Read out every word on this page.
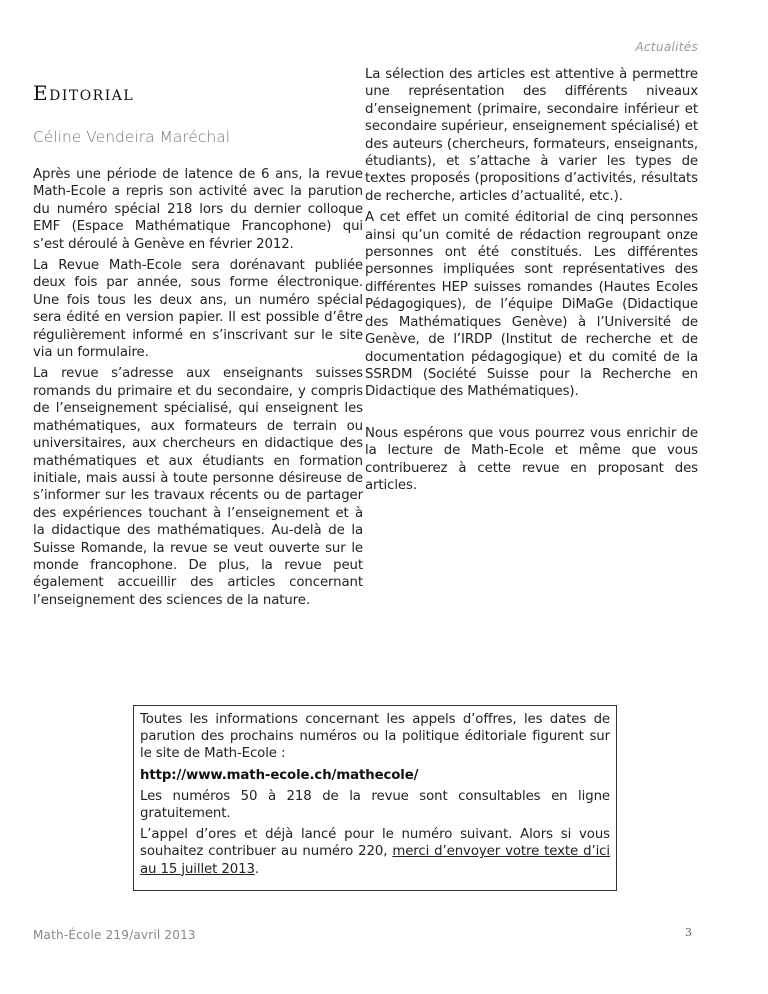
Actualités
Editorial
Céline Vendeira Maréchal

Après une période de latence de 6 ans, la revue Math-Ecole a repris son activité avec la parution du numéro spécial 218 lors du dernier colloque EMF (Espace Mathématique Francophone) qui s’est déroulé à Genève en février 2012.

La Revue Math-Ecole sera dorénavant publiée deux fois par année, sous forme électronique. Une fois tous les deux ans, un numéro spécial sera édité en version papier. Il est possible d’être régulièrement informé en s’inscrivant sur le site via un formulaire.

La revue s’adresse aux enseignants suisses romands du primaire et du secondaire, y compris de l’enseignement spécialisé, qui enseignent les mathématiques, aux formateurs de terrain ou universitaires, aux chercheurs en didactique des mathématiques et aux étudiants en formation initiale, mais aussi à toute personne désireuse de s’informer sur les travaux récents ou de partager des expériences touchant à l’enseignement et à la didactique des mathématiques. Au-delà de la Suisse Romande, la revue se veut ouverte sur le monde francophone. De plus, la revue peut également accueillir des articles concernant l’enseignement des sciences de la nature.

La sélection des articles est attentive à permettre une représentation des différents niveaux d’enseignement (primaire, secondaire inférieur et secondaire supérieur, enseignement spécialisé) et des auteurs (chercheurs, formateurs, enseignants, étudiants), et s’attache à varier les types de textes proposés (propositions d’activités, résultats de recherche, articles d’actualité, etc.).

A cet effet un comité éditorial de cinq personnes ainsi qu’un comité de rédaction regroupant onze personnes ont été constitués. Les différentes personnes impliquées sont représentatives des différentes HEP suisses romandes (Hautes Ecoles Pédagogiques), de l’équipe DiMaGe (Didactique des Mathématiques Genève) à l’Université de Genève, de l’IRDP (Institut de recherche et de documentation pédagogique) et du comité de la SSRDM (Société Suisse pour la Recherche en Didactique des Mathématiques).

Nous espérons que vous pourrez vous enrichir de la lecture de Math-Ecole et même que vous contribuerez à cette revue en proposant des articles.

Toutes les informations concernant les appels d’offres, les dates de parution des prochains numéros ou la politique éditoriale figurent sur le site de Math-Ecole :

http://www.math-ecole.ch/mathecole/

Les numéros 50 à 218 de la revue sont consultables en ligne gratuitement.

L’appel d’ores et déjà lancé pour le numéro suivant. Alors si vous souhaitez contribuer au numéro 220, merci d’envoyer votre texte d’ici au 15 juillet 2013.

Math-École 219/avril 2013	3
